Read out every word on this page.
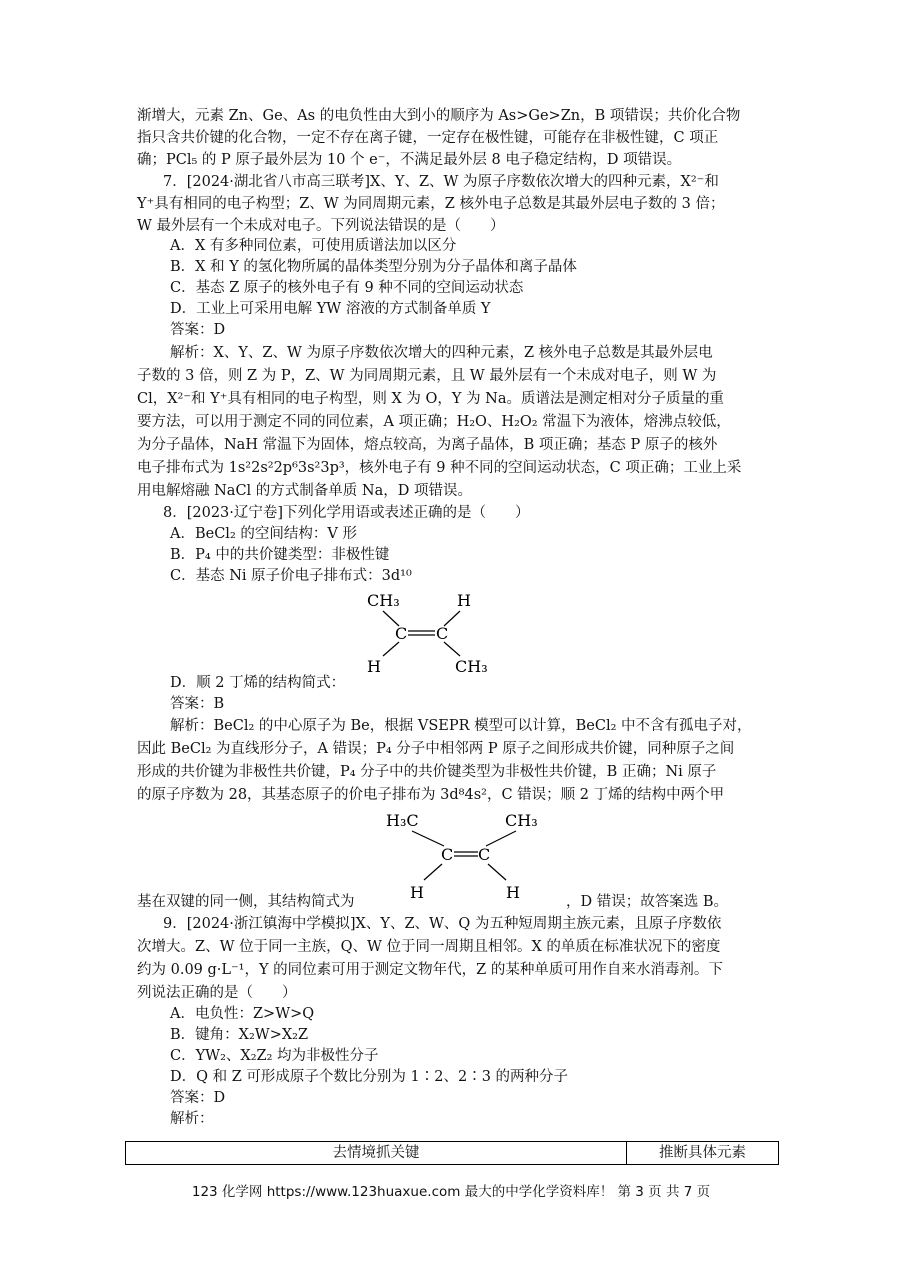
渐增大，元素 Zn、Ge、As 的电负性由大到小的顺序为 As>Ge>Zn，B 项错误；共价化合物
指只含共价键的化合物，一定不存在离子键，一定存在极性键，可能存在非极性键，C 项正
确；PCl₅ 的 P 原子最外层为 10 个 e⁻，不满足最外层 8 电子稳定结构，D 项错误。
7．[2024·湖北省八市高三联考]X、Y、Z、W 为原子序数依次增大的四种元素，X²⁻和
Y⁺具有相同的电子构型；Z、W 为同周期元素，Z 核外电子总数是其最外层电子数的 3 倍；
W 最外层有一个未成对电子。下列说法错误的是（　　）
A．X 有多种同位素，可使用质谱法加以区分
B．X 和 Y 的氢化物所属的晶体类型分别为分子晶体和离子晶体
C．基态 Z 原子的核外电子有 9 种不同的空间运动状态
D．工业上可采用电解 YW 溶液的方式制备单质 Y
答案：D
解析：X、Y、Z、W 为原子序数依次增大的四种元素，Z 核外电子总数是其最外层电
子数的 3 倍，则 Z 为 P，Z、W 为同周期元素，且 W 最外层有一个未成对电子，则 W 为
Cl，X²⁻和 Y⁺具有相同的电子构型，则 X 为 O，Y 为 Na。质谱法是测定相对分子质量的重
要方法，可以用于测定不同的同位素，A 项正确；H₂O、H₂O₂ 常温下为液体，熔沸点较低，
为分子晶体，NaH 常温下为固体，熔点较高，为离子晶体，B 项正确；基态 P 原子的核外
电子排布式为 1s²2s²2p⁶3s²3p³，核外电子有 9 种不同的空间运动状态，C 项正确；工业上采
用电解熔融 NaCl 的方式制备单质 Na，D 项错误。
8．[2023·辽宁卷]下列化学用语或表述正确的是（　　）
A．BeCl₂ 的空间结构：V 形
B．P₄ 中的共价键类型：非极性键
C．基态 Ni 原子价电子排布式：3d¹⁰
CH₃	H
C C
H	CH₃
D．顺 2 丁烯的结构简式：
答案：B
解析：BeCl₂ 的中心原子为 Be，根据 VSEPR 模型可以计算，BeCl₂ 中不含有孤电子对，
因此 BeCl₂ 为直线形分子，A 错误；P₄ 分子中相邻两 P 原子之间形成共价键，同种原子之间
形成的共价键为非极性共价键，P₄ 分子中的共价键类型为非极性共价键，B 正确；Ni 原子
的原子序数为 28，其基态原子的价电子排布为 3d⁸4s²，C 错误；顺 2 丁烯的结构中两个甲
H₃C	CH₃
C C
H	H
基在双键的同一侧，其结构简式为	，D 错误；故答案选 B。
9．[2024·浙江镇海中学模拟]X、Y、Z、W、Q 为五种短周期主族元素，且原子序数依
次增大。Z、W 位于同一主族，Q、W 位于同一周期且相邻。X 的单质在标准状况下的密度
约为 0.09 g·L⁻¹，Y 的同位素可用于测定文物年代，Z 的某种单质可用作自来水消毒剂。下
列说法正确的是（　　）
A．电负性：Z>W>Q
B．键角：X₂W>X₂Z
C．YW₂、X₂Z₂ 均为非极性分子
D．Q 和 Z 可形成原子个数比分别为 1∶2、2∶3 的两种分子
答案：D
解析：
去情境抓关键	推断具体元素
123 化学网 https://www.123huaxue.com 最大的中学化学资料库！ 第 3 页 共 7 页
